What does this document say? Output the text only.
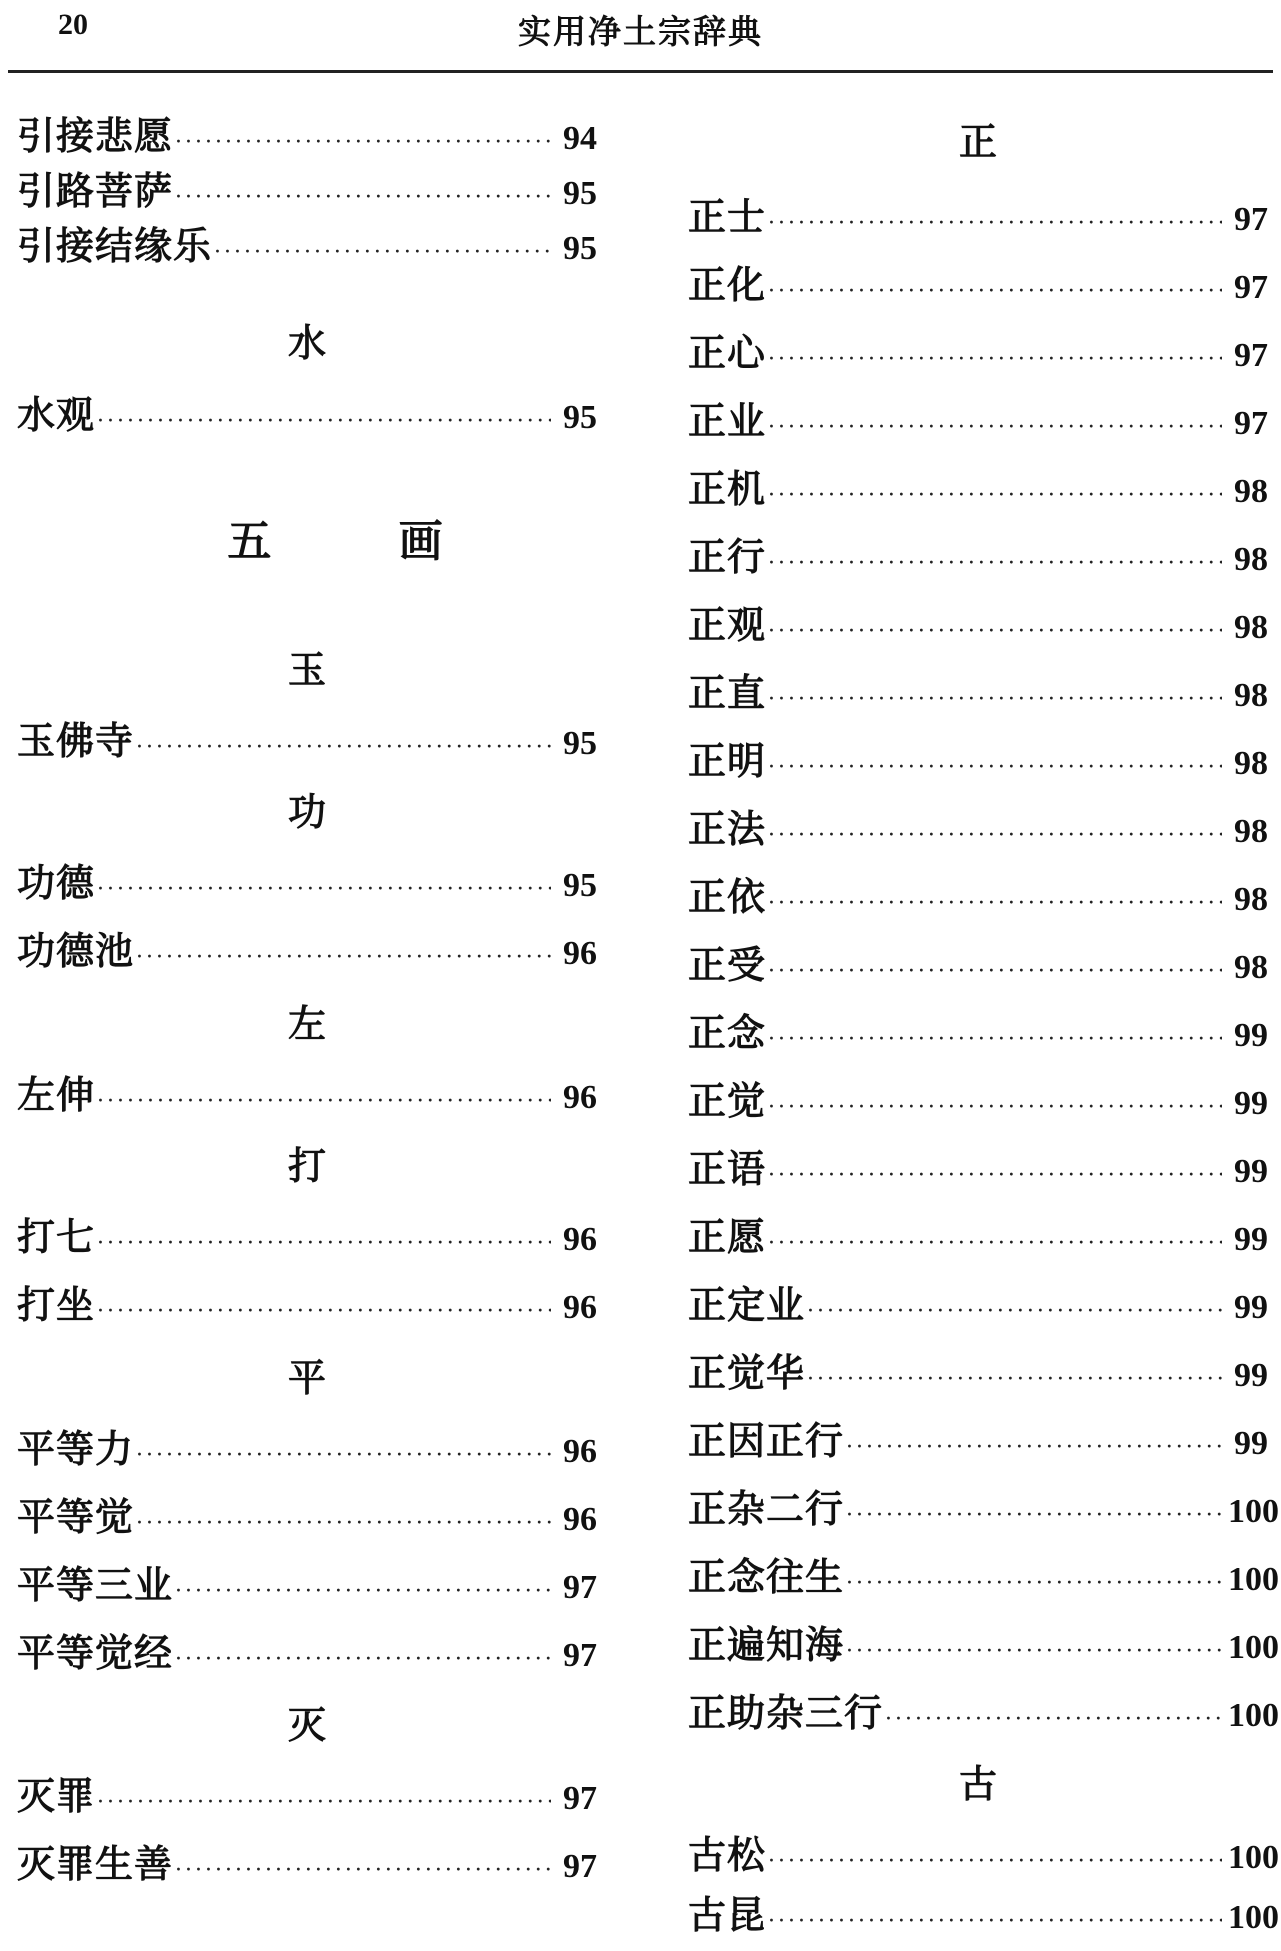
20	实用净土宗辞典
引接悲愿 ·····	94
引路菩萨 ·····	95
引接结缘乐 ·····	95
水
水观 ·····	95
五 画
玉
玉佛寺 ·····	95
功
功德 ·····	95
功德池 ·····	96
左
左伸 ·····	96
打
打七 ·····	96
打坐 ·····	96
平
平等力 ·····	96
平等觉 ·····	96
平等三业 ·····	97
平等觉经 ·····	97
灭
灭罪 ·····	97
灭罪生善 ·····	97
正
正士 ·····	97
正化 ·····	97
正心 ·····	97
正业 ·····	97
正机 ·····	98
正行 ·····	98
正观 ·····	98
正直 ·····	98
正明 ·····	98
正法 ·····	98
正依 ·····	98
正受 ·····	98
正念 ·····	99
正觉 ·····	99
正语 ·····	99
正愿 ·····	99
正定业 ·····	99
正觉华 ·····	99
正因正行 ·····	99
正杂二行 ·····	100
正念往生 ·····	100
正遍知海 ·····	100
正助杂三行 ·····	100
古
古松 ·····	100
古昆 ·····	100
